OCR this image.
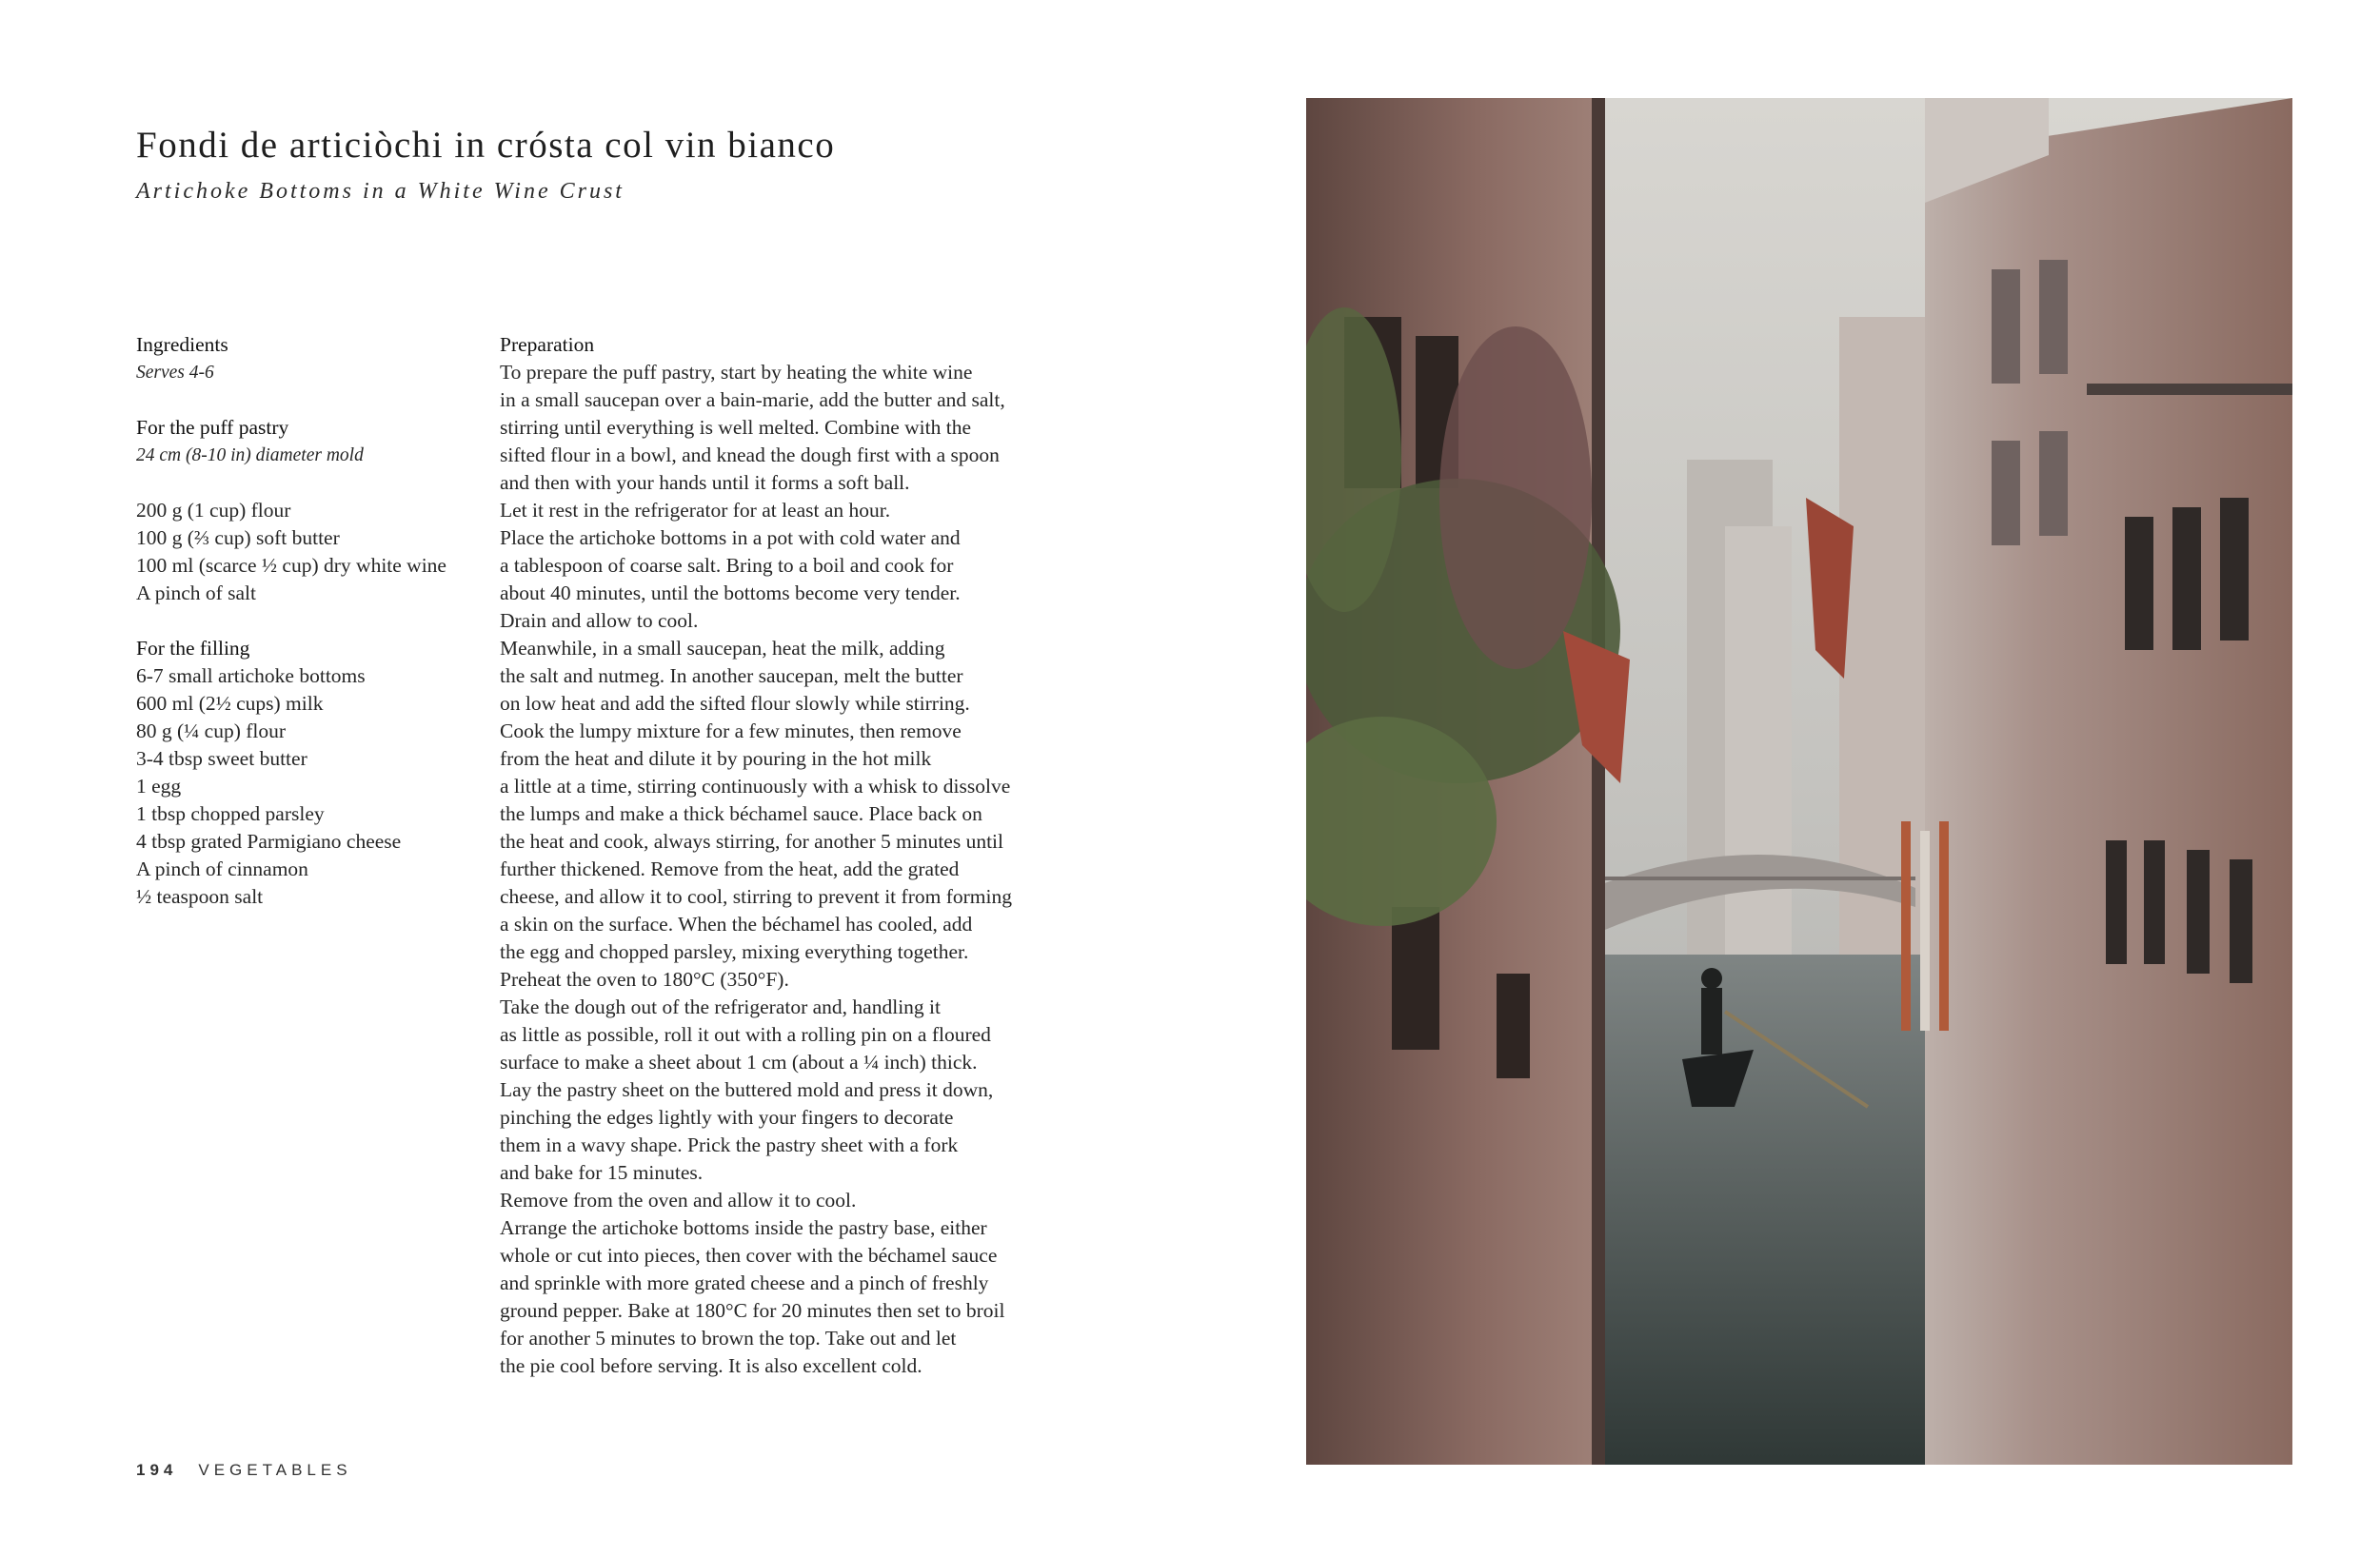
Fondi de articiòchi in crósta col vin bianco
Artichoke Bottoms in a White Wine Crust
Ingredients
Serves 4-6
For the puff pastry
24 cm (8-10 in) diameter mold
200 g (1 cup) flour
100 g (⅔ cup) soft butter
100 ml (scarce ½ cup) dry white wine
A pinch of salt
For the filling
6-7 small artichoke bottoms
600 ml (2½ cups) milk
80 g (¼ cup) flour
3-4 tbsp sweet butter
1 egg
1 tbsp chopped parsley
4 tbsp grated Parmigiano cheese
A pinch of cinnamon
½ teaspoon salt
Preparation
To prepare the puff pastry, start by heating the white wine
in a small saucepan over a bain-marie, add the butter and salt,
stirring until everything is well melted. Combine with the
sifted flour in a bowl, and knead the dough first with a spoon
and then with your hands until it forms a soft ball.
Let it rest in the refrigerator for at least an hour.
Place the artichoke bottoms in a pot with cold water and
a tablespoon of coarse salt. Bring to a boil and cook for
about 40 minutes, until the bottoms become very tender.
Drain and allow to cool.
Meanwhile, in a small saucepan, heat the milk, adding
the salt and nutmeg. In another saucepan, melt the butter
on low heat and add the sifted flour slowly while stirring.
Cook the lumpy mixture for a few minutes, then remove
from the heat and dilute it by pouring in the hot milk
a little at a time, stirring continuously with a whisk to dissolve
the lumps and make a thick béchamel sauce. Place back on
the heat and cook, always stirring, for another 5 minutes until
further thickened. Remove from the heat, add the grated
cheese, and allow it to cool, stirring to prevent it from forming
a skin on the surface. When the béchamel has cooled, add
the egg and chopped parsley, mixing everything together.
Preheat the oven to 180°C (350°F).
Take the dough out of the refrigerator and, handling it
as little as possible, roll it out with a rolling pin on a floured
surface to make a sheet about 1 cm (about a ¼ inch) thick.
Lay the pastry sheet on the buttered mold and press it down,
pinching the edges lightly with your fingers to decorate
them in a wavy shape. Prick the pastry sheet with a fork
and bake for 15 minutes.
Remove from the oven and allow it to cool.
Arrange the artichoke bottoms inside the pastry base, either
whole or cut into pieces, then cover with the béchamel sauce
and sprinkle with more grated cheese and a pinch of freshly
ground pepper. Bake at 180°C for 20 minutes then set to broil
for another 5 minutes to brown the top. Take out and let
the pie cool before serving. It is also excellent cold.
194 VEGETABLES
